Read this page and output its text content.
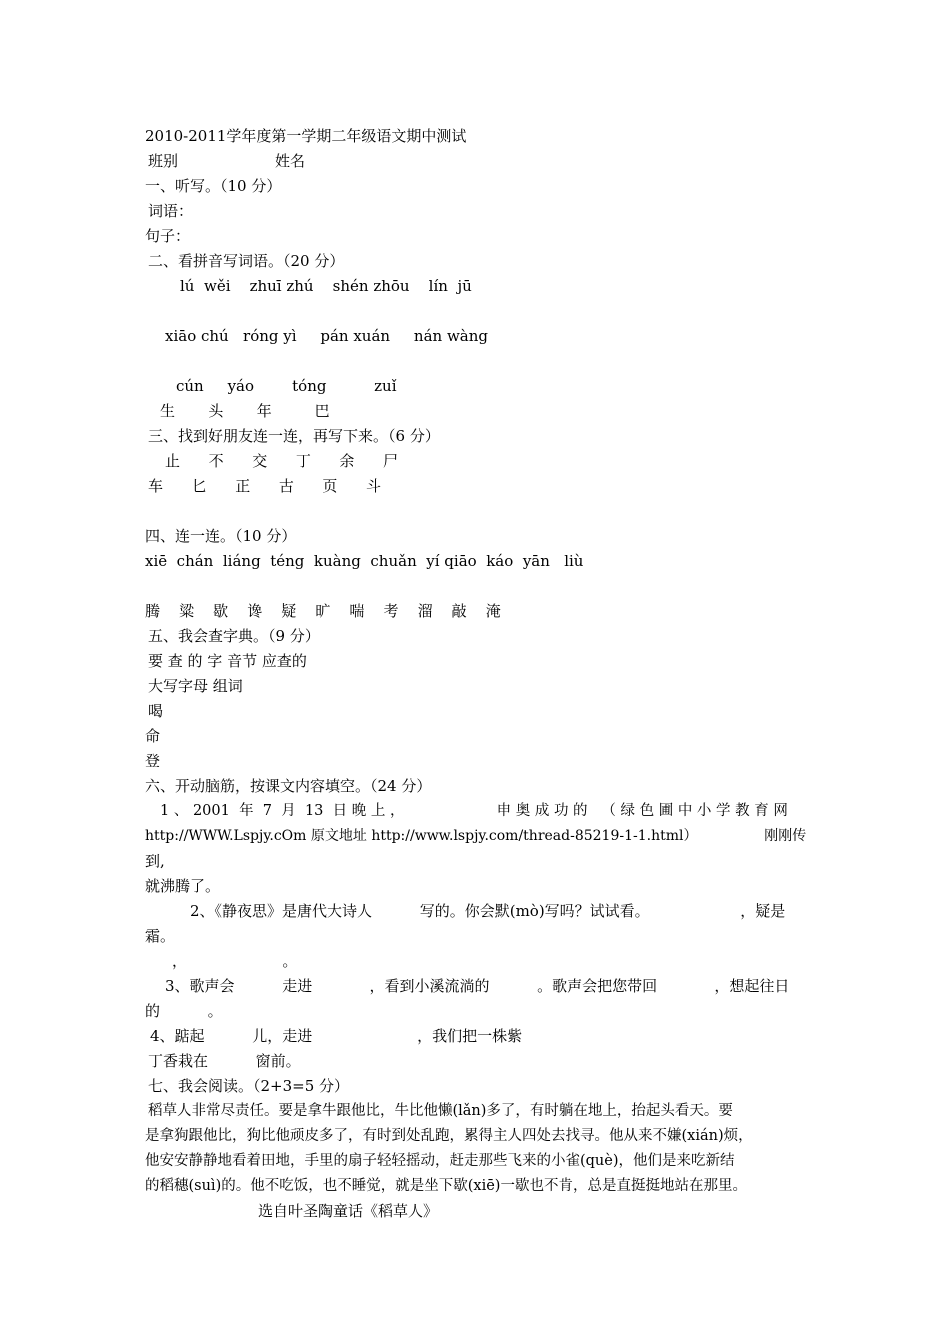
2010-2011学年度第一学期二年级语文期中测试
班别	姓名
一、听写。（10 分）
词语：
句子：
二、看拼音写词语。（20 分）
lú  wěi    zhuī zhú    shén zhōu    lín  jū
xiāo chú   róng yì     pán xuán     nán wàng
cún     yáo        tóng          zuǐ
生       头       年         巴
三、找到好朋友连一连，再写下来。（6 分）
止      不      交      丁      余      尸
车      匕      正      古      页      斗
四、连一连。（10 分）
xiē  chán  liáng  téng  kuàng  chuǎn  yí qiāo  káo  yān   liù
腾    粱    歇    谗    疑    旷    喘    考    溜    敲    淹
五、我会查字典。（9 分）
要 查 的 字 音节 应查的
大写字母 组词
喝
命
登
六、开动脑筋，按课文内容填空。（24 分）
1 、 2001  年  7  月  13  日 晚 上 ，                    申 奥 成 功 的   （ 绿 色 圃 中 小 学 教 育 网
http://WWW.Lspjy.cOm 原文地址 http://www.lspjy.com/thread-85219-1-1.html）               刚刚传
到,
就沸腾了。
2、《静夜思》是唐代大诗人          写的。你会默(mò)写吗？试试看。                   ，疑是
霜。
，                    。
3、歌声会          走进            ，看到小溪流淌的          。歌声会把您带回            ，想起往日
的          。
4、踮起          儿，走进                      ，我们把一株紫
丁香栽在          窗前。
七、我会阅读。（2+3=5 分）
稻草人非常尽责任。要是拿牛跟他比，牛比他懒(lǎn)多了，有时躺在地上，抬起头看天。要
是拿狗跟他比，狗比他顽皮多了，有时到处乱跑，累得主人四处去找寻。他从来不嫌(xián)烦，
他安安静静地看着田地，手里的扇子轻轻摇动，赶走那些飞来的小雀(què)，他们是来吃新结
的稻穗(suì)的。他不吃饭，也不睡觉，就是坐下歇(xiē)一歇也不肯，总是直挺挺地站在那里。
选自叶圣陶童话《稻草人》
